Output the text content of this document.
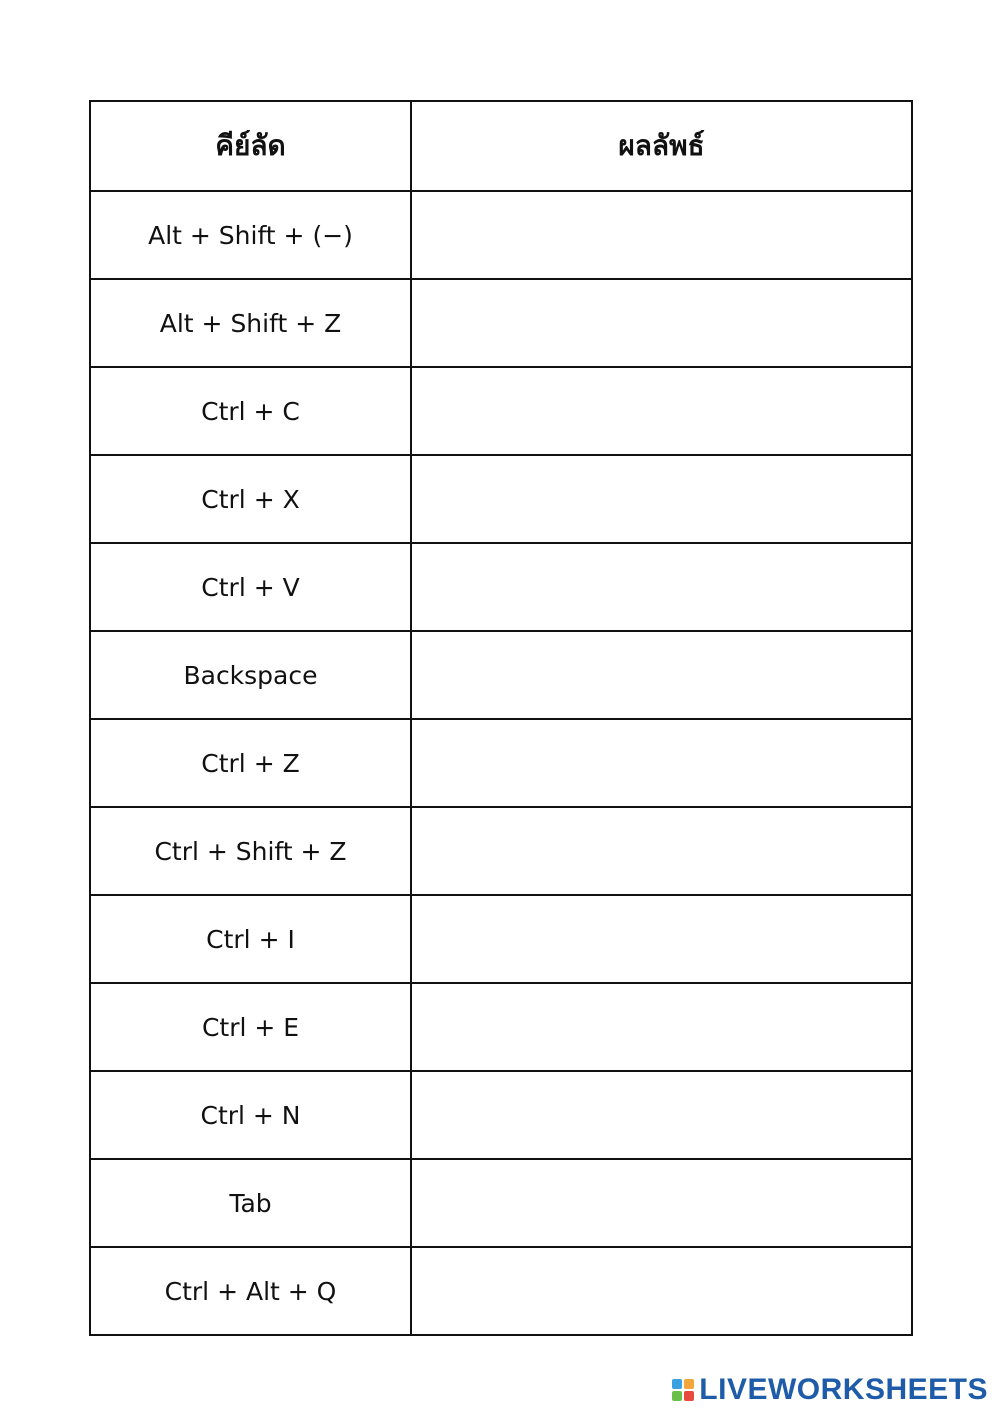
คีย์ลัด	ผลลัพธ์
Alt + Shift + (−)	
Alt + Shift + Z	
Ctrl + C	
Ctrl + X	
Ctrl + V	
Backspace	
Ctrl + Z	
Ctrl + Shift + Z	
Ctrl + I	
Ctrl + E	
Ctrl + N	
Tab	
Ctrl + Alt + Q	
LIVEWORKSHEETS
